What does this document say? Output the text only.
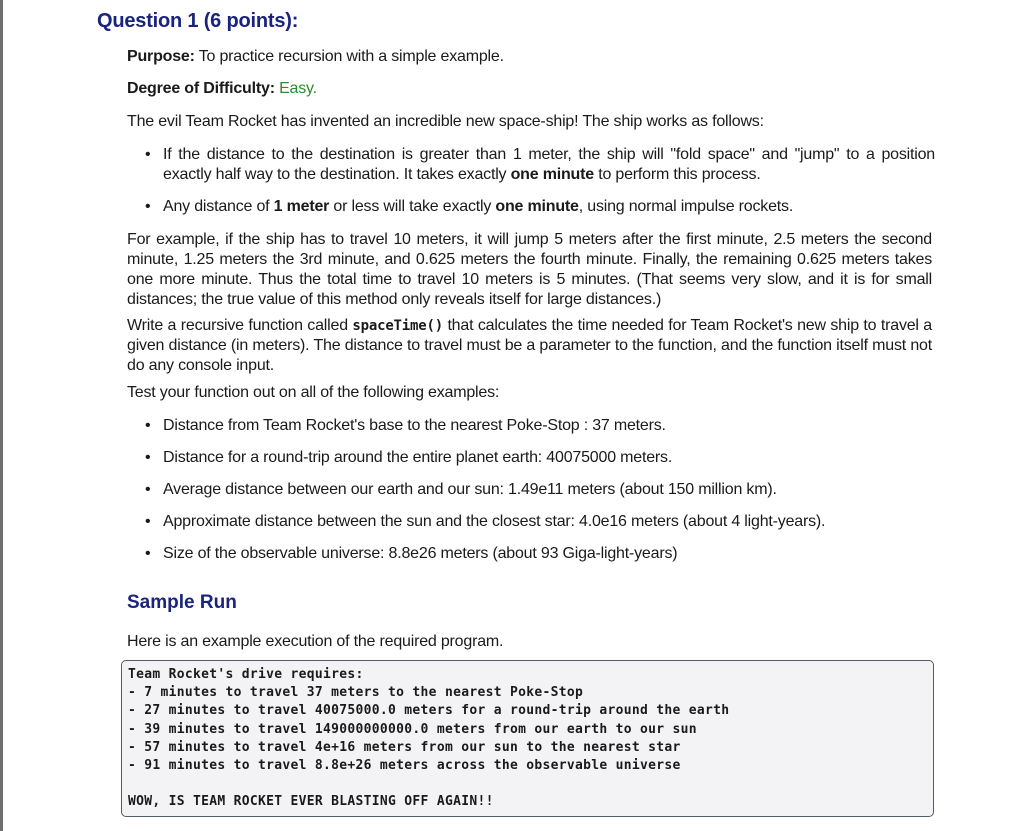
Question 1 (6 points):

Purpose: To practice recursion with a simple example.

Degree of Difficulty: Easy.

The evil Team Rocket has invented an incredible new space-ship! The ship works as follows:

• If the distance to the destination is greater than 1 meter, the ship will "fold space" and "jump" to a position exactly half way to the destination. It takes exactly one minute to perform this process.
• Any distance of 1 meter or less will take exactly one minute, using normal impulse rockets.

For example, if the ship has to travel 10 meters, it will jump 5 meters after the first minute, 2.5 meters the second minute, 1.25 meters the 3rd minute, and 0.625 meters the fourth minute. Finally, the remaining 0.625 meters takes one more minute. Thus the total time to travel 10 meters is 5 minutes. (That seems very slow, and it is for small distances; the true value of this method only reveals itself for large distances.)

Write a recursive function called spaceTime() that calculates the time needed for Team Rocket's new ship to travel a given distance (in meters). The distance to travel must be a parameter to the function, and the function itself must not do any console input.

Test your function out on all of the following examples:

• Distance from Team Rocket's base to the nearest Poke-Stop : 37 meters.
• Distance for a round-trip around the entire planet earth: 40075000 meters.
• Average distance between our earth and our sun: 1.49e11 meters (about 150 million km).
• Approximate distance between the sun and the closest star: 4.0e16 meters (about 4 light-years).
• Size of the observable universe: 8.8e26 meters (about 93 Giga-light-years)
Sample Run

Here is an example execution of the required program.

Team Rocket's drive requires:
- 7 minutes to travel 37 meters to the nearest Poke-Stop
- 27 minutes to travel 40075000.0 meters for a round-trip around the earth
- 39 minutes to travel 149000000000.0 meters from our earth to our sun
- 57 minutes to travel 4e+16 meters from our sun to the nearest star
- 91 minutes to travel 8.8e+26 meters across the observable universe
WOW, IS TEAM ROCKET EVER BLASTING OFF AGAIN!!
